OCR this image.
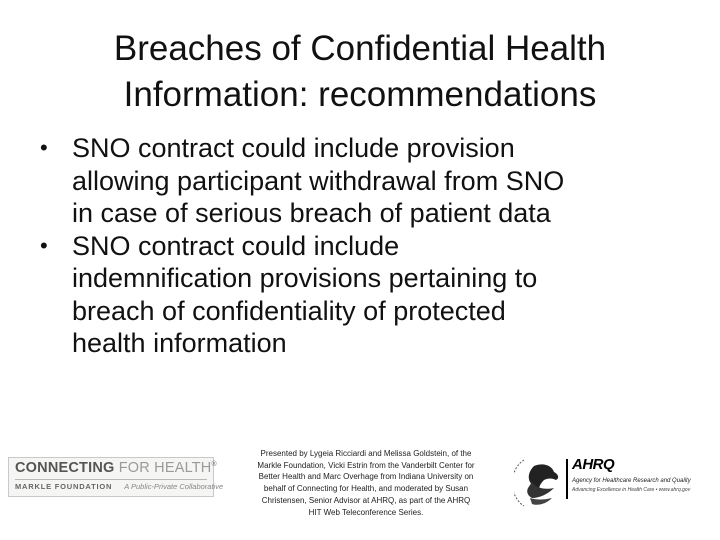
Breaches of Confidential Health
Information: recommendations
• SNO contract could include provision
allowing participant withdrawal from SNO
in case of serious breach of patient data
• SNO contract could include
indemnification provisions pertaining to
breach of confidentiality of protected
health information
CONNECTING FOR HEALTH®
MARKLE FOUNDATION A Public-Private Collaborative
Presented by Lygeia Ricciardi and Melissa Goldstein, of the
Markle Foundation, Vicki Estrin from the Vanderbilt Center for
Better Health and Marc Overhage from Indiana University on
behalf of Connecting for Health, and moderated by Susan
Christensen, Senior Advisor at AHRQ, as part of the AHRQ
HIT Web Teleconference Series.
AHRQ
Agency for Healthcare Research and Quality
Advancing Excellence in Health Care • www.ahrq.gov
